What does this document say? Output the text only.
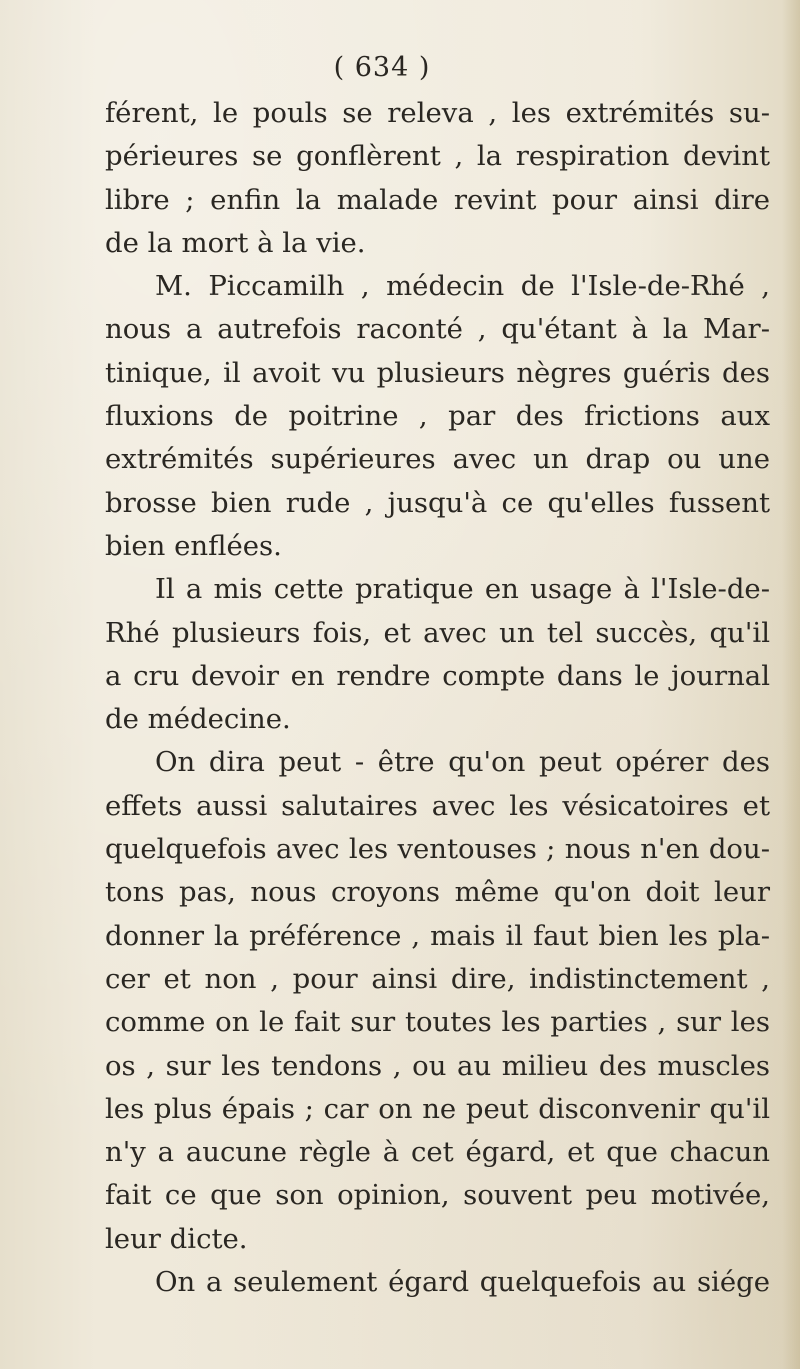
( 634 )
férent, le pouls se releva , les extrémités su-
périeures se gonflèrent , la respiration devint
libre ; enfin la malade revint pour ainsi dire
de la mort à la vie.
M. Piccamilh , médecin de l'Isle-de-Rhé ,
nous a autrefois raconté , qu'étant à la Mar-
tinique, il avoit vu plusieurs nègres guéris des
fluxions de poitrine , par des frictions aux
extrémités supérieures avec un drap ou une
brosse bien rude , jusqu'à ce qu'elles fussent
bien enflées.
Il a mis cette pratique en usage à l'Isle-de-
Rhé plusieurs fois, et avec un tel succès, qu'il
a cru devoir en rendre compte dans le journal
de médecine.
On dira peut - être qu'on peut opérer des
effets aussi salutaires avec les vésicatoires et
quelquefois avec les ventouses ; nous n'en dou-
tons pas, nous croyons même qu'on doit leur
donner la préférence , mais il faut bien les pla-
cer et non , pour ainsi dire, indistinctement ,
comme on le fait sur toutes les parties , sur les
os , sur les tendons , ou au milieu des muscles
les plus épais ; car on ne peut disconvenir qu'il
n'y a aucune règle à cet égard, et que chacun
fait ce que son opinion, souvent peu motivée,
leur dicte.
On a seulement égard quelquefois au siége
